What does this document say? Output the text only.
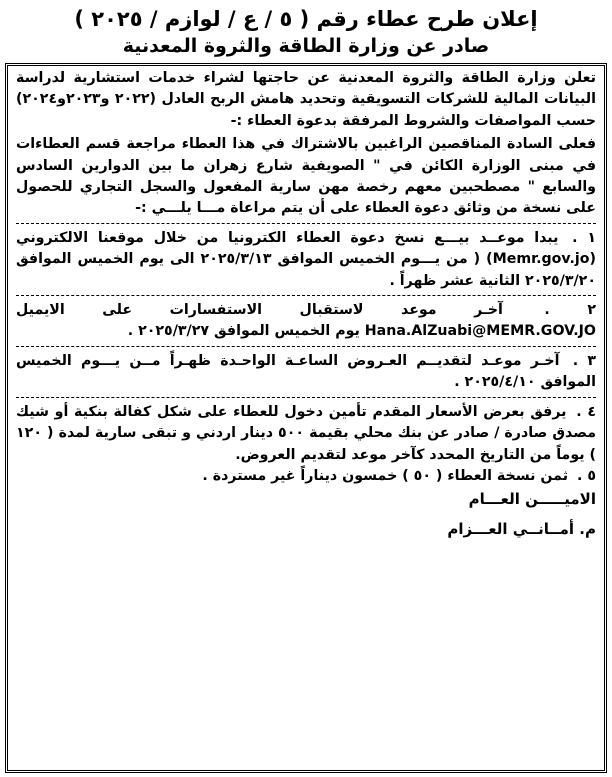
إعلان طرح عطاء رقم ( ٥ / ع / لوازم / ٢٠٢٥ )
صادر عن وزارة الطاقة والثروة المعدنية

تعلن وزارة الطاقة والثروة المعدنية عن حاجتها لشراء خدمات استشارية لدراسة البيانات المالية للشركات التسويقية وتحديد هامش الربح العادل (٢٠٢٢ و٢٠٢٣و٢٠٢٤) حسب المواصفات والشروط المرفقة بدعوة العطاء :-

فعلى السادة المناقصين الراغبين بالاشتراك في هذا العطاء مراجعة قسم العطاءات في مبنى الوزارة الكائن في " الصويفية شارع زهران ما بين الدوارين السادس والسابع " مصطحبين معهم رخصة مهن سارية المفعول والسجل التجاري للحصول على نسخة من وثائق دعوة العطاء على أن يتم مراعاة مـــا يلـــي :-

١ . يبدا موعــد بيـــع نسخ دعوة العطاء الكترونيا من خلال موقعنا الالكتروني (Memr.gov.jo) ( من يـــوم الخميس الموافق ٢٠٢٥/٣/١٣ الى يوم الخميس الموافق ٢٠٢٥/٣/٢٠ الثانية عشر ظهراً .

٢ . آخـر موعد لاستقبال الاستفسارات على الايميل Hana.AlZuabi@MEMR.GOV.JO يوم الخميس الموافق ٢٠٢٥/٣/٢٧ .

٣ . آخـر موعـد لتقديــم العـروض الساعـة الواحـدة ظهـراً مــن يـــوم الخميس الموافق ٢٠٢٥/٤/١٠ .

٤ . يرفق بعرض الأسعار المقدم تأمين دخول للعطاء على شكل كفالة بنكية أو شيك مصدق صادرة / صادر عن بنك محلي بقيمة ٥٠٠ دينار اردني و تبقى سارية لمدة ( ١٢٠ ) يوماً من التاريخ المحدد كآخر موعد لتقديم العروض.

٥ . ثمن نسخة العطاء ( ٥٠ ) خمسون ديناراً غير مستردة .

الاميـــــن العـــام

م. أمــانــي العـــزام
